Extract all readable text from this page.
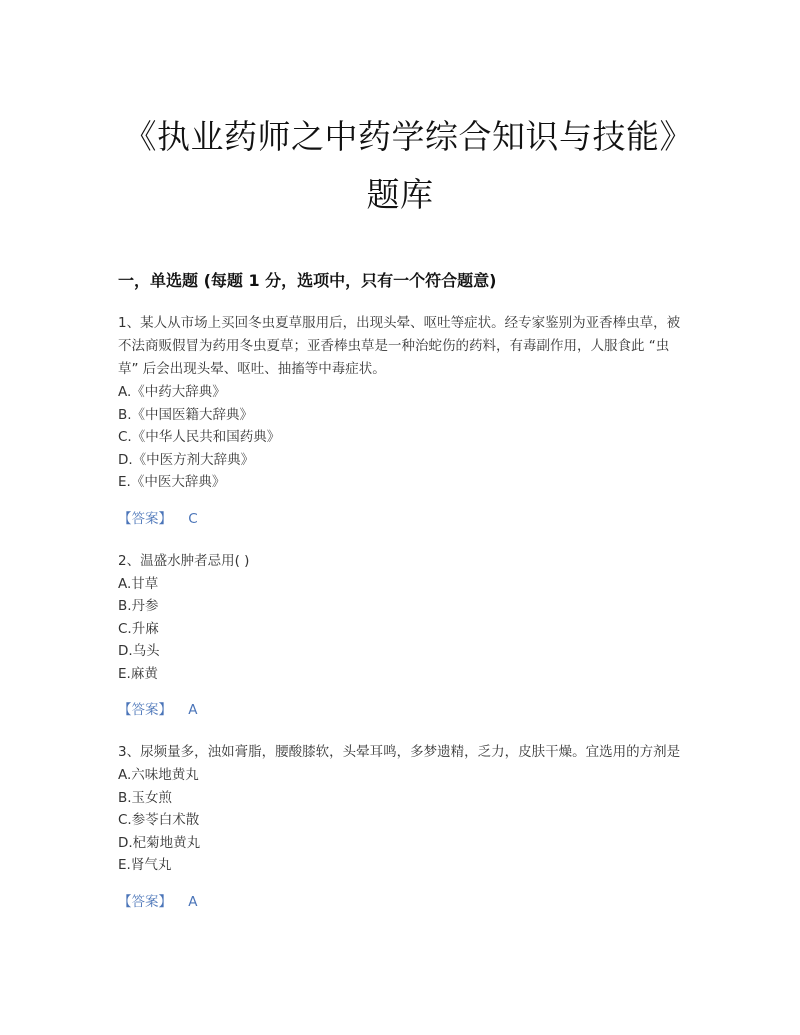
《执业药师之中药学综合知识与技能》题库
一，单选题 (每题 1 分，选项中，只有一个符合题意)

1、某人从市场上买回冬虫夏草服用后，出现头晕、呕吐等症状。经专家鉴别为亚香棒虫草，被不法商贩假冒为药用冬虫夏草；亚香棒虫草是一种治蛇伤的药料，有毒副作用，人服食此 “虫草” 后会出现头晕、呕吐、抽搐等中毒症状。

A.《中药大辞典》
B.《中国医籍大辞典》
C.《中华人民共和国药典》
D.《中医方剂大辞典》
E.《中医大辞典》
【答案】 C

2、温盛水肿者忌用( )

A.甘草
B.丹参
C.升麻
D.乌头
E.麻黄
【答案】 A

3、尿频量多，浊如膏脂，腰酸膝软，头晕耳鸣，多梦遗精，乏力，皮肤干燥。宜选用的方剂是

A.六味地黄丸
B.玉女煎
C.参苓白术散
D.杞菊地黄丸
E.肾气丸
【答案】 A
